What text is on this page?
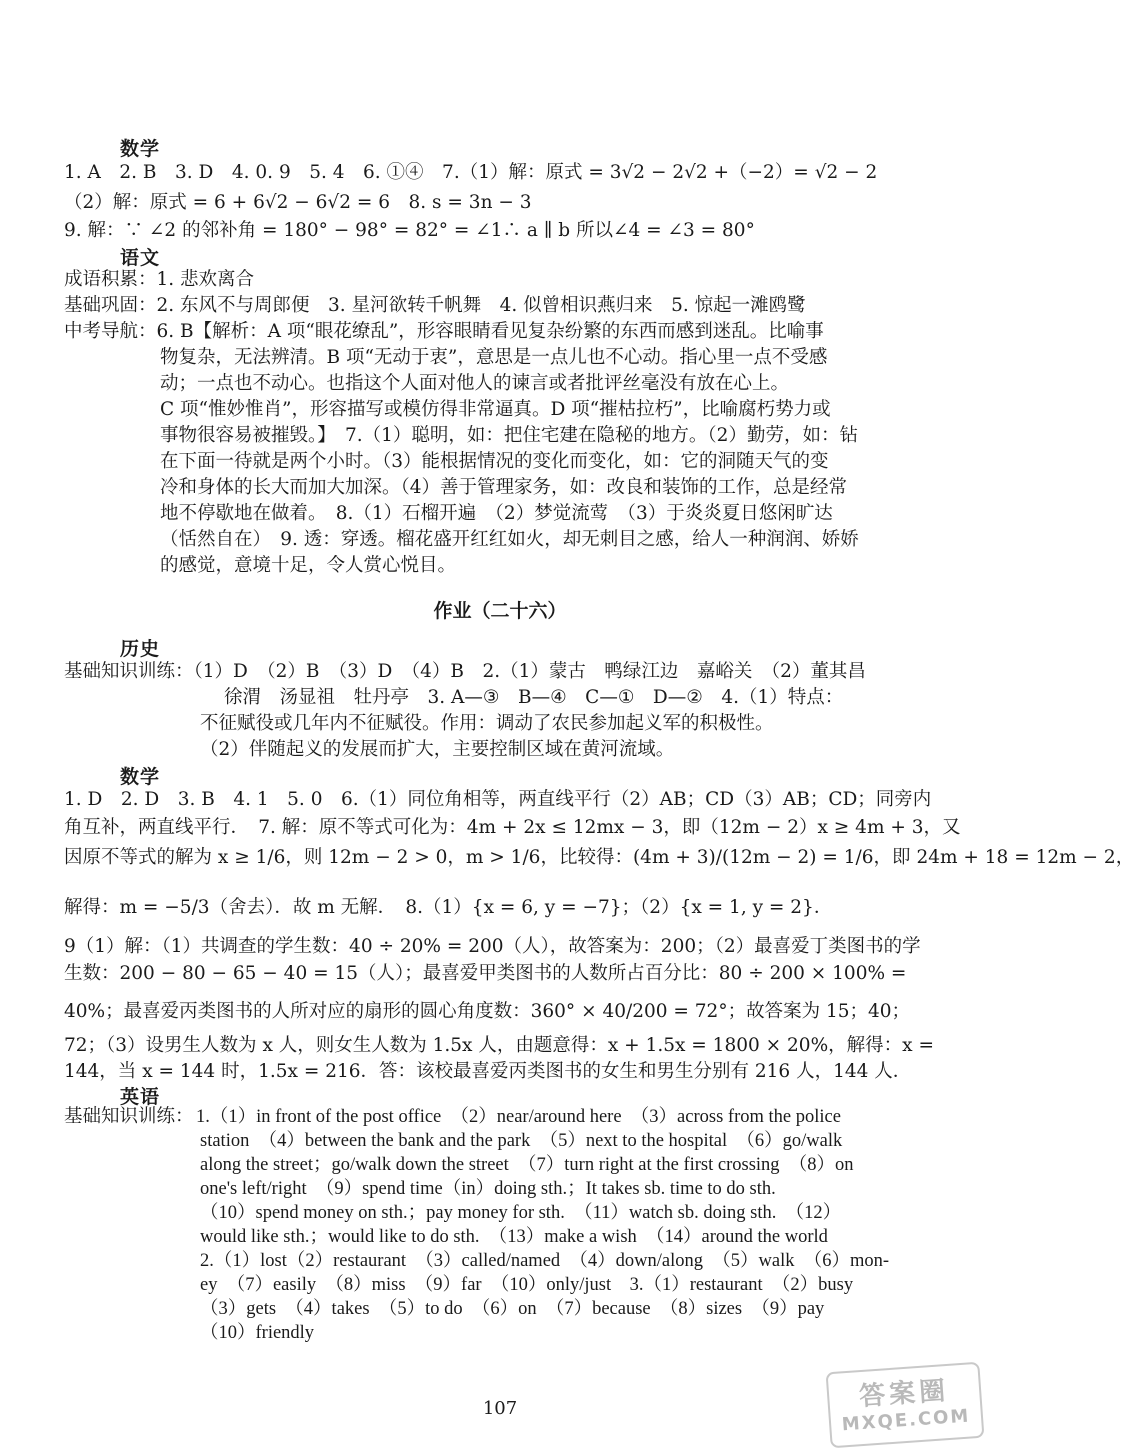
数学
1. A　2. B　3. D　4. 0. 9　5. 4　6. ①④　7.（1）解：原式 = 3√2 − 2√2 +（−2）= √2 − 2
（2）解：原式 = 6 + 6√2 − 6√2 = 6　8. s = 3n − 3
9. 解：∵ ∠2 的邻补角 = 180° − 98° = 82° = ∠1∴ a ∥ b 所以∠4 = ∠3 = 80°
语文
成语积累：1. 悲欢离合
基础巩固：2. 东风不与周郎便　3. 星河欲转千帆舞　4. 似曾相识燕归来　5. 惊起一滩鸥鹭
中考导航：6. B【解析：A 项“眼花缭乱”，形容眼睛看见复杂纷繁的东西而感到迷乱。比喻事
物复杂，无法辨清。B 项“无动于衷”，意思是一点儿也不心动。指心里一点不受感
动；一点也不动心。也指这个人面对他人的谏言或者批评丝毫没有放在心上。
C 项“惟妙惟肖”，形容描写或模仿得非常逼真。D 项“摧枯拉朽”，比喻腐朽势力或
事物很容易被摧毁。】　7.（1）聪明，如：把住宅建在隐秘的地方。（2）勤劳，如：钻
在下面一待就是两个小时。（3）能根据情况的变化而变化，如：它的洞随天气的变
冷和身体的长大而加大加深。（4）善于管理家务，如：改良和装饰的工作，总是经常
地不停歇地在做着。　8.（1）石榴开遍　（2）梦觉流莺　（3）于炎炎夏日悠闲旷达
（恬然自在）　9. 透：穿透。榴花盛开红红如火，却无刺目之感，给人一种润润、娇娇
的感觉，意境十足，令人赏心悦目。
作业（二十六）
历史
基础知识训练：（1）D　（2）B　（3）D　（4）B　2.（1）蒙古　鸭绿江边　嘉峪关　（2）董其昌
徐渭　汤显祖　牡丹亭　3. A—③　B—④　C—①　D—②　4.（1）特点：
不征赋役或几年内不征赋役。作用：调动了农民参加起义军的积极性。
（2）伴随起义的发展而扩大，主要控制区域在黄河流域。
数学
1. D　2. D　3. B　4. 1　5. 0　6.（1）同位角相等，两直线平行（2）AB；CD（3）AB；CD；同旁内
角互补，两直线平行．　7. 解：原不等式可化为：4m + 2x ≤ 12mx − 3，即（12m − 2）x ≥ 4m + 3，又
因原不等式的解为 x ≥ 1/6，则 12m − 2 > 0，m > 1/6，比较得：(4m + 3)/(12m − 2) = 1/6，即 24m + 18 = 12m − 2，
解得：m = −5/3（舍去）．故 m 无解．　8.（1）{x = 6, y = −7}；（2）{x = 1, y = 2}．
9（1）解：（1）共调查的学生数：40 ÷ 20% = 200（人），故答案为：200；（2）最喜爱丁类图书的学
生数：200 − 80 − 65 − 40 = 15（人）；最喜爱甲类图书的人数所占百分比：80 ÷ 200 × 100% =
40%；最喜爱丙类图书的人所对应的扇形的圆心角度数：360° × 40/200 = 72°；故答案为 15；40；
72；（3）设男生人数为 x 人，则女生人数为 1.5x 人，由题意得：x + 1.5x = 1800 × 20%，解得：x =
144，当 x = 144 时，1.5x = 216．答：该校最喜爱丙类图书的女生和男生分别有 216 人，144 人．
英语
基础知识训练： 1.（1）in front of the post office　（2）near/around here　（3）across from the police
station　（4）between the bank and the park　（5）next to the hospital　（6）go/walk
along the street；go/walk down the street　（7）turn right at the first crossing　（8）on
one's left/right　（9）spend time（in）doing sth.；It takes sb. time to do sth.
（10）spend money on sth.；pay money for sth.　（11）watch sb. doing sth.　（12）
would like sth.；would like to do sth.　（13）make a wish　（14）around the world
2.（1）lost（2）restaurant　（3）called/named　（4）down/along　（5）walk　（6）mon-
ey　（7）easily　（8）miss　（9）far　（10）only/just　3.（1）restaurant　（2）busy
（3）gets　（4）takes　（5）to do　（6）on　（7）because　（8）sizes　（9）pay
（10）friendly
107	答案圈
MXQE.COM
